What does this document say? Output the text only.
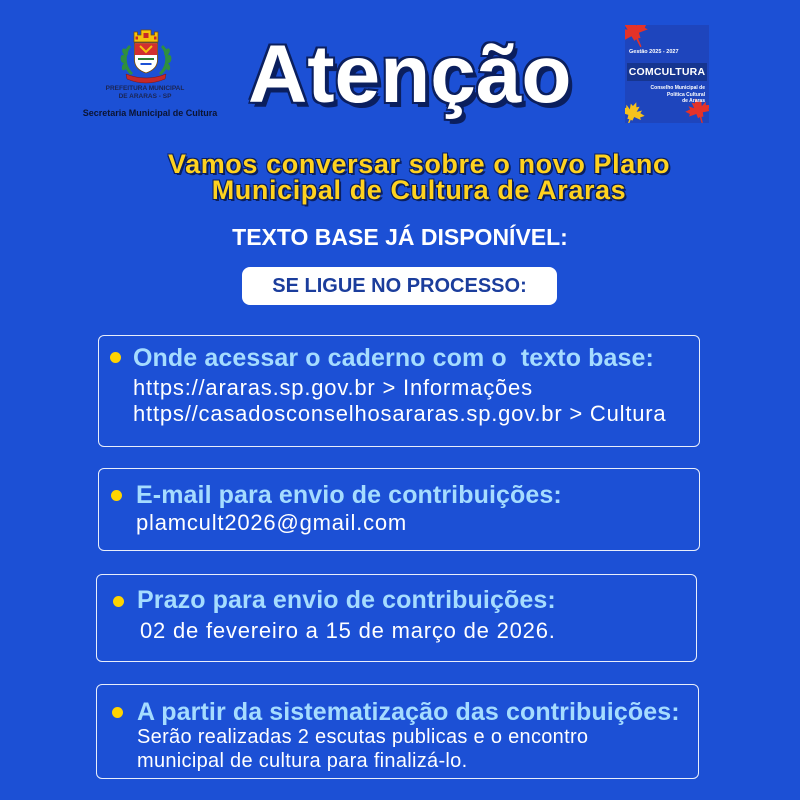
PREFEITURA MUNICIPAL
DE ARARAS - SP
Secretaria Municipal de Cultura Atenção	Gestão 2025 - 2027
COMCULTURA
Conselho Municipal de
Política Cultural
de Araras
Vamos conversar sobre o novo Plano
Municipal de Cultura de Araras
TEXTO BASE JÁ DISPONÍVEL:
SE LIGUE NO PROCESSO:
Onde acessar o caderno com o  texto base:
https://araras.sp.gov.br > Informações
https//casadosconselhosararas.sp.gov.br > Cultura
E-mail para envio de contribuições:
plamcult2026@gmail.com
Prazo para envio de contribuições:
02 de fevereiro a 15 de março de 2026.
A partir da sistematização das contribuições:
Serão realizadas 2 escutas publicas e o encontro
municipal de cultura para finalizá-lo.
